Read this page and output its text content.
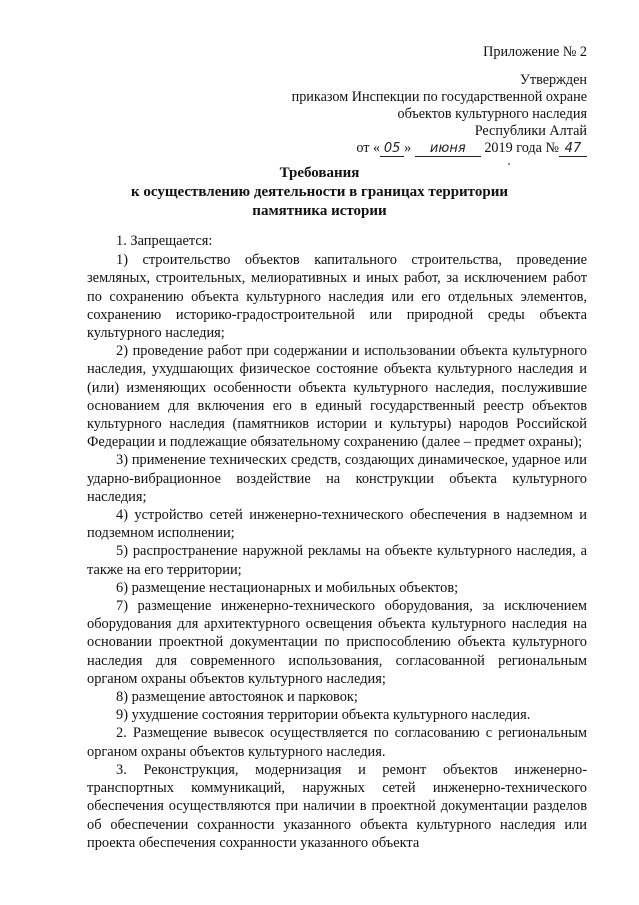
Приложение № 2
Утвержден
приказом Инспекции по государственной охране
объектов культурного наследия
Республики Алтай
от « 05 » июня 2019 года № 47
Требования
к осуществлению деятельности в границах территории
памятника истории

1. Запрещается:

1) строительство объектов капитального строительства, проведение земляных, строительных, мелиоративных и иных работ, за исключением работ по сохранению объекта культурного наследия или его отдельных элементов, сохранению историко-градостроительной или природной среды объекта культурного наследия;

2) проведение работ при содержании и использовании объекта культурного наследия, ухудшающих физическое состояние объекта культурного наследия и (или) изменяющих особенности объекта культурного наследия, послужившие основанием для включения его в единый государственный реестр объектов культурного наследия (памятников истории и культуры) народов Российской Федерации и подлежащие обязательному сохранению (далее – предмет охраны);

3) применение технических средств, создающих динамическое, ударное или ударно-вибрационное воздействие на конструкции объекта культурного наследия;

4) устройство сетей инженерно-технического обеспечения в надземном и подземном исполнении;

5) распространение наружной рекламы на объекте культурного наследия, а также на его территории;

6) размещение нестационарных и мобильных объектов;

7) размещение инженерно-технического оборудования, за исключением оборудования для архитектурного освещения объекта культурного наследия на основании проектной документации по приспособлению объекта культурного наследия для современного использования, согласованной региональным органом охраны объектов культурного наследия;

8) размещение автостоянок и парковок;

9) ухудшение состояния территории объекта культурного наследия.

2. Размещение вывесок осуществляется по согласованию с региональным органом охраны объектов культурного наследия.

3. Реконструкция, модернизация и ремонт объектов инженерно-транспортных коммуникаций, наружных сетей инженерно-технического обеспечения осуществляются при наличии в проектной документации разделов об обеспечении сохранности указанного объекта культурного наследия или проекта обеспечения сохранности указанного объекта
